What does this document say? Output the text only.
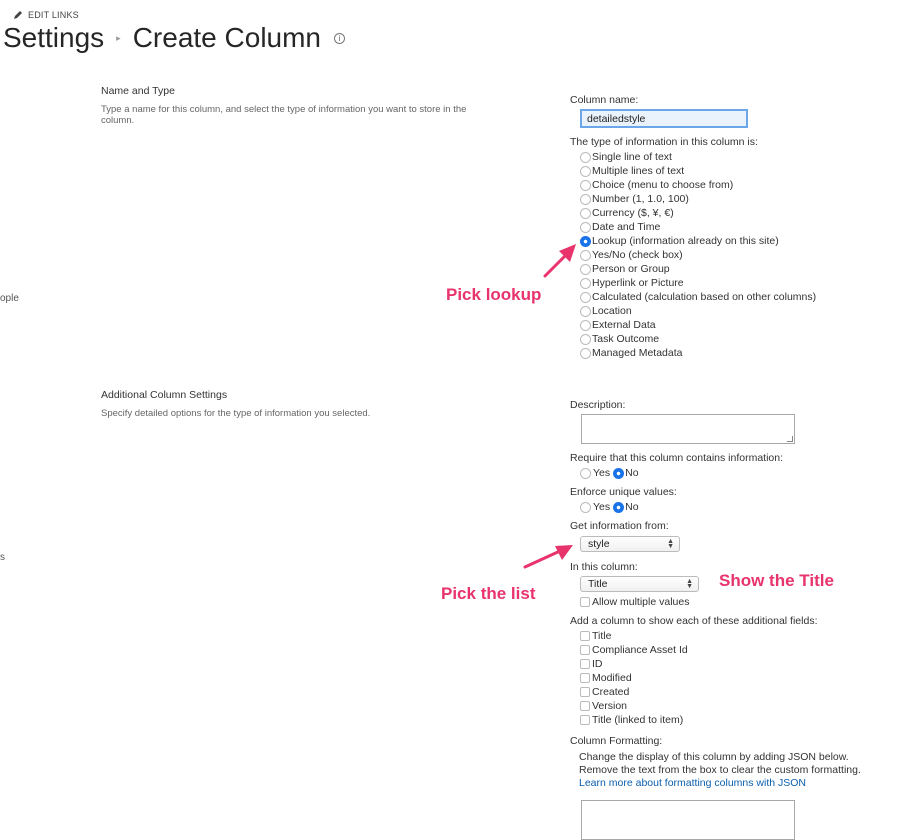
EDIT LINKS
Settings ▸ Create Column	i
ople
s
Name and Type
Type a name for this column, and select the type of information you want to store in the column.
Column name:
detailedstyle
The type of information in this column is:
Single line of text
Multiple lines of text
Choice (menu to choose from)
Number (1, 1.0, 100)
Currency ($, ¥, €)
Date and Time
Lookup (information already on this site)
Yes/No (check box)
Person or Group
Hyperlink or Picture
Calculated (calculation based on other columns)
Location
External Data
Task Outcome
Managed Metadata
Additional Column Settings
Specify detailed options for the type of information you selected.
Description:
Require that this column contains information:
Yes No
Enforce unique values:
Yes No
Get information from:
style	▲
▼
In this column:
Title	▲
▼
Allow multiple values
Add a column to show each of these additional fields:
Title
Compliance Asset Id
ID
Modified
Created
Version
Title (linked to item)
Column Formatting:
Change the display of this column by adding JSON below.
Remove the text from the box to clear the custom formatting.
Learn more about formatting columns with JSON
Pick lookup
Pick the list
Show the Title
